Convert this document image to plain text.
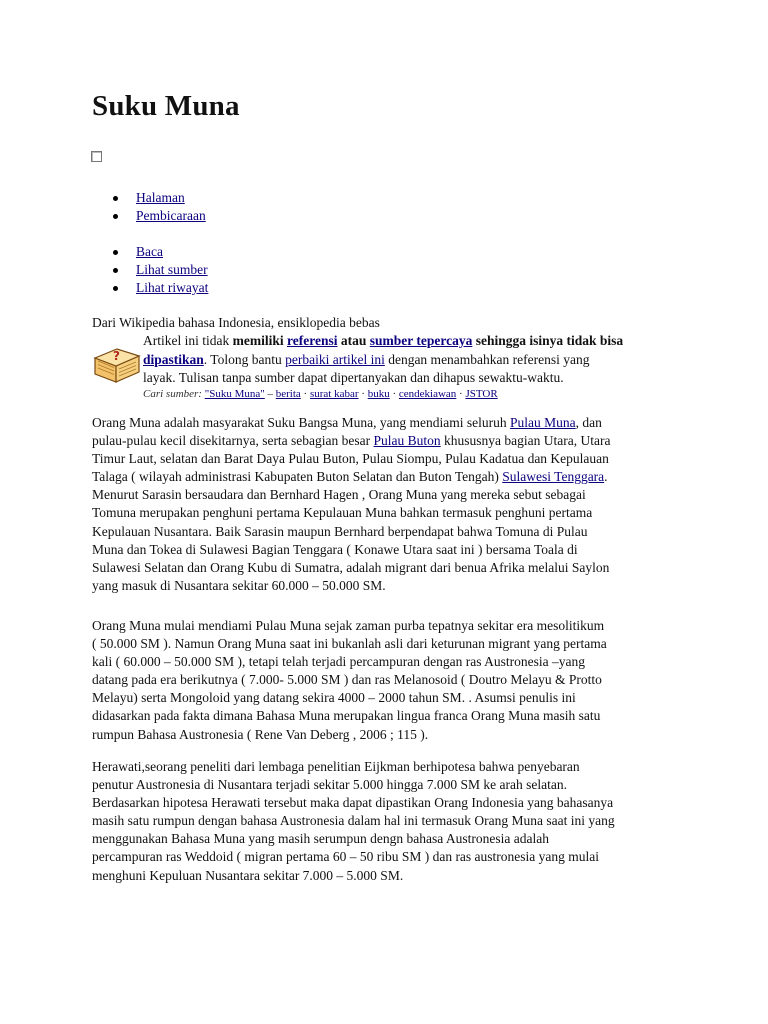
Suku Muna
Halaman
Pembicaraan
Baca
Lihat sumber
Lihat riwayat
Dari Wikipedia bahasa Indonesia, ensiklopedia bebas
?
Artikel ini tidak memiliki referensi atau sumber tepercaya sehingga isinya tidak bisa
dipastikan. Tolong bantu perbaiki artikel ini dengan menambahkan referensi yang
layak. Tulisan tanpa sumber dapat dipertanyakan dan dihapus sewaktu-waktu.
Cari sumber: "Suku Muna" – berita · surat kabar · buku · cendekiawan · JSTOR
Orang Muna adalah masyarakat Suku Bangsa Muna, yang mendiami seluruh Pulau Muna, dan
pulau-pulau kecil disekitarnya, serta sebagian besar Pulau Buton khususnya bagian Utara, Utara
Timur Laut, selatan dan Barat Daya Pulau Buton, Pulau Siompu, Pulau Kadatua dan Kepulauan
Talaga ( wilayah administrasi Kabupaten Buton Selatan dan Buton Tengah) Sulawesi Tenggara.
Menurut Sarasin bersaudara dan Bernhard Hagen , Orang Muna yang mereka sebut sebagai
Tomuna merupakan penghuni pertama Kepulauan Muna bahkan termasuk penghuni pertama
Kepulauan Nusantara. Baik Sarasin maupun Bernhard berpendapat bahwa Tomuna di Pulau
Muna dan Tokea di Sulawesi Bagian Tenggara ( Konawe Utara saat ini ) bersama Toala di
Sulawesi Selatan dan Orang Kubu di Sumatra, adalah migrant dari benua Afrika melalui Saylon
yang masuk di Nusantara sekitar 60.000 – 50.000 SM.
Orang Muna mulai mendiami Pulau Muna sejak zaman purba tepatnya sekitar era mesolitikum
( 50.000 SM ). Namun Orang Muna saat ini bukanlah asli dari keturunan migrant yang pertama
kali ( 60.000 – 50.000 SM ), tetapi telah terjadi percampuran dengan ras Austronesia –yang
datang pada era berikutnya ( 7.000- 5.000 SM ) dan ras Melanosoid ( Doutro Melayu & Protto
Melayu) serta Mongoloid yang datang sekira 4000 – 2000 tahun SM. . Asumsi penulis ini
didasarkan pada fakta dimana Bahasa Muna merupakan lingua franca Orang Muna masih satu
rumpun Bahasa Austronesia ( Rene Van Deberg , 2006 ; 115 ).
Herawati,seorang peneliti dari lembaga penelitian Eijkman berhipotesa bahwa penyebaran
penutur Austronesia di Nusantara terjadi sekitar 5.000 hingga 7.000 SM ke arah selatan.
Berdasarkan hipotesa Herawati tersebut maka dapat dipastikan Orang Indonesia yang bahasanya
masih satu rumpun dengan bahasa Austronesia dalam hal ini termasuk Orang Muna saat ini yang
menggunakan Bahasa Muna yang masih serumpun dengn bahasa Austronesia adalah
percampuran ras Weddoid ( migran pertama 60 – 50 ribu SM ) dan ras austronesia yang mulai
menghuni Kepuluan Nusantara sekitar 7.000 – 5.000 SM.
